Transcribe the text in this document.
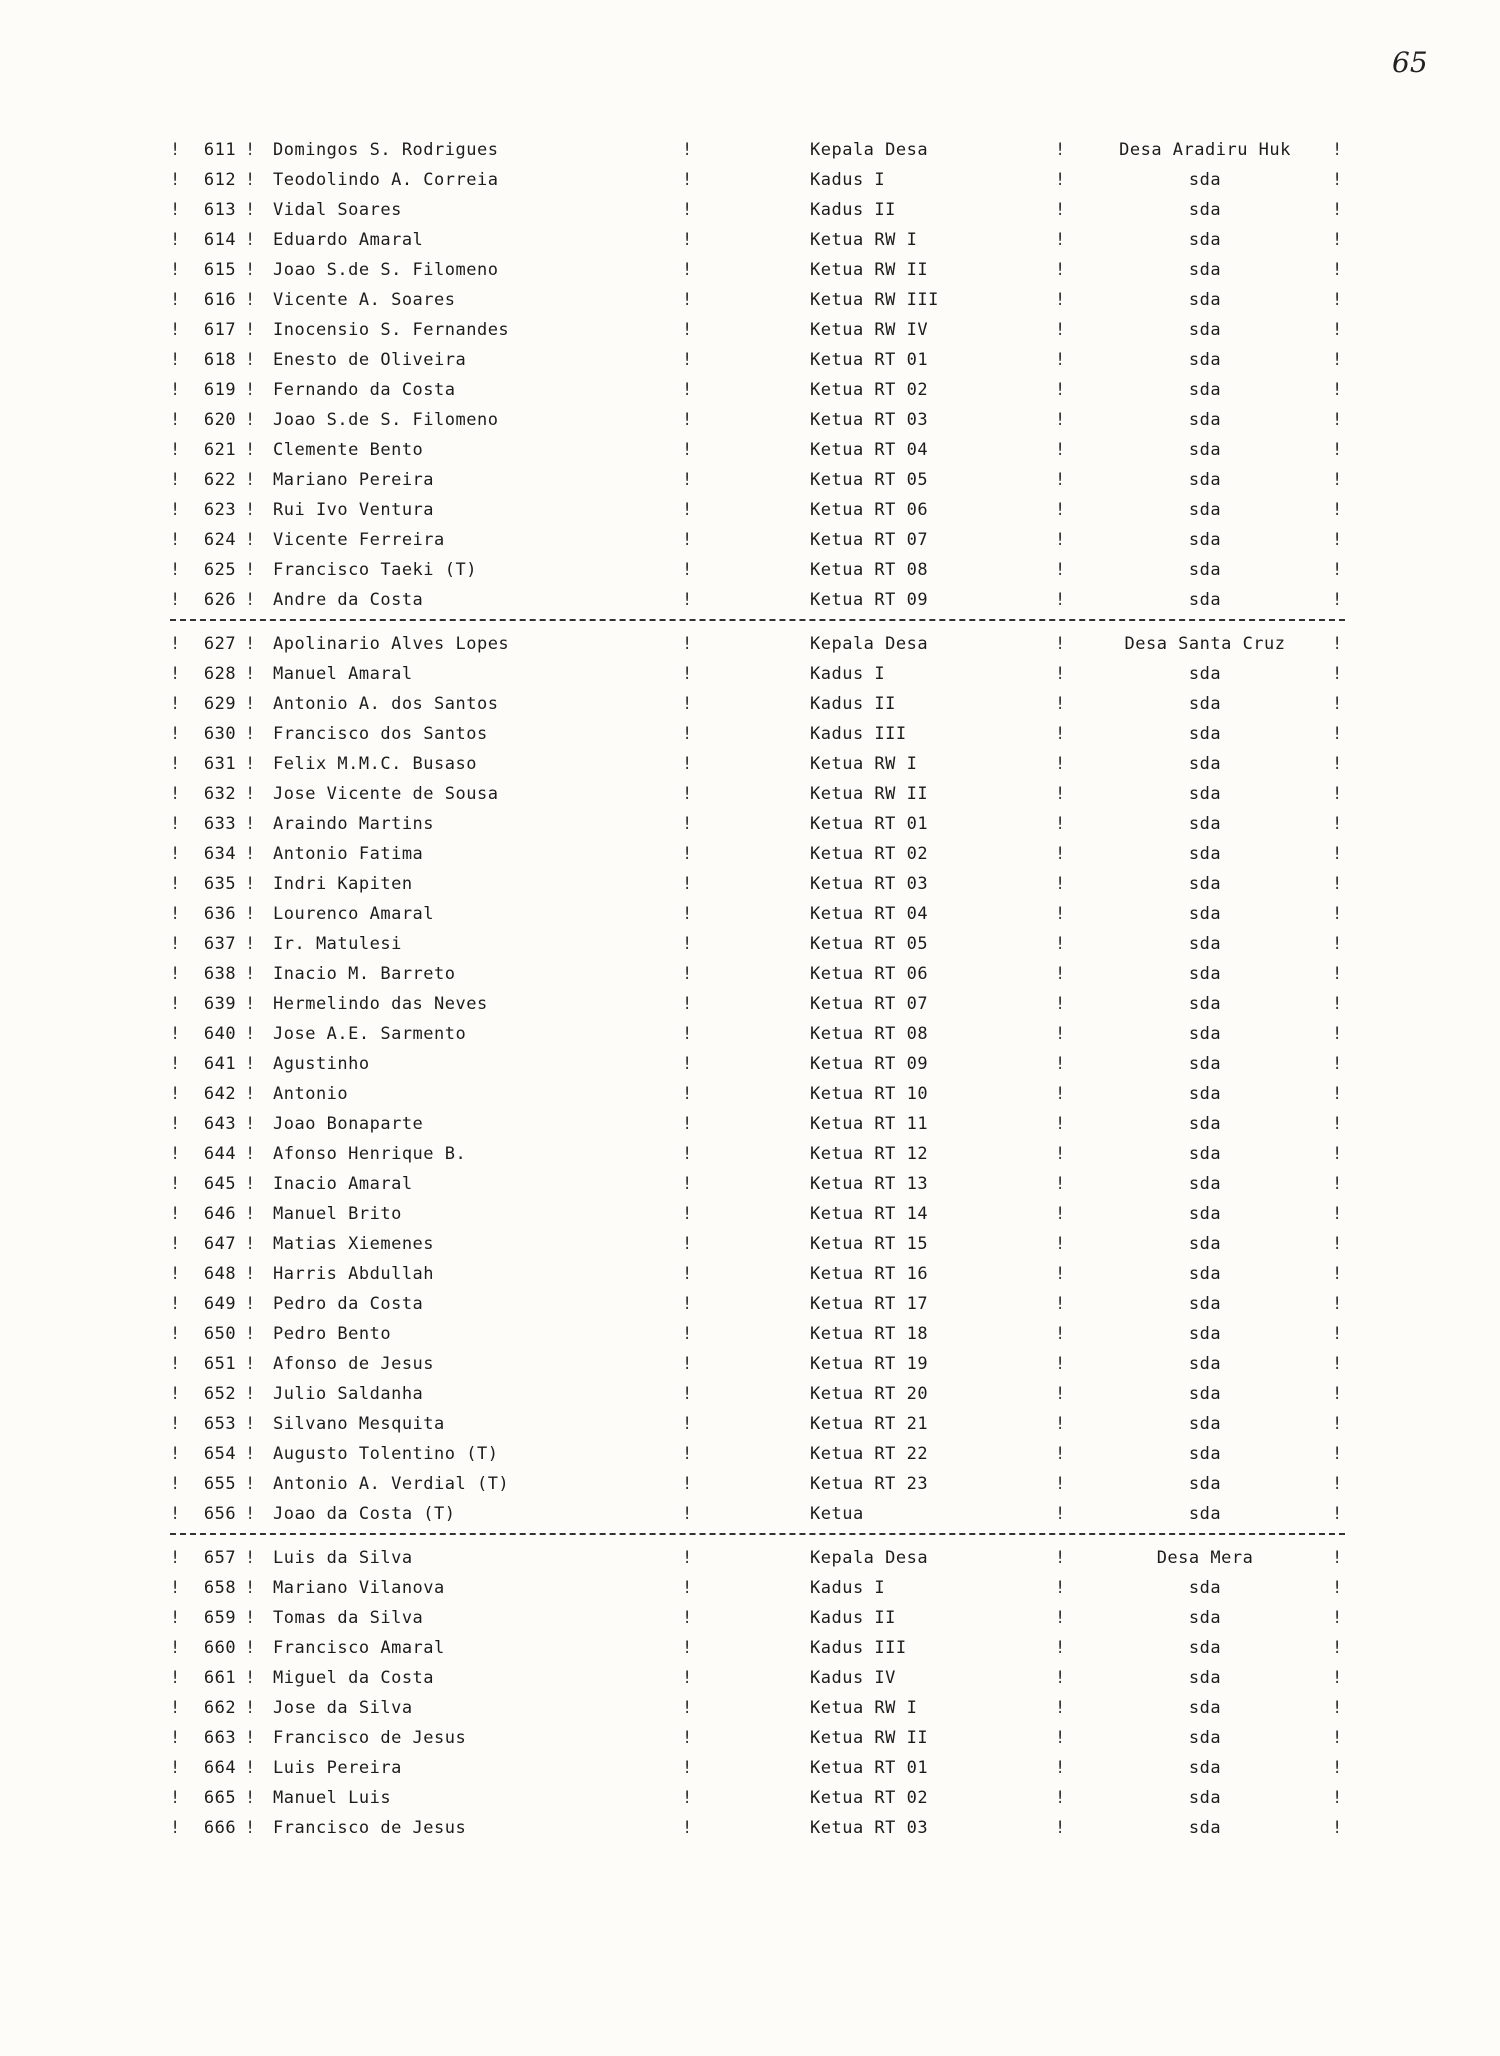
65
! 611 ! Domingos S. Rodrigues	!	Kepala Desa	!	Desa Aradiru Huk	!
! 612 ! Teodolindo A. Correia	!	Kadus I	!	sda	!
! 613 ! Vidal Soares	!	Kadus II	!	sda	!
! 614 ! Eduardo Amaral	!	Ketua RW I	!	sda	!
! 615 ! Joao S.de S. Filomeno	!	Ketua RW II	!	sda	!
! 616 ! Vicente A. Soares	!	Ketua RW III	!	sda	!
! 617 ! Inocensio S. Fernandes	!	Ketua RW IV	!	sda	!
! 618 ! Enesto de Oliveira	!	Ketua RT 01	!	sda	!
! 619 ! Fernando da Costa	!	Ketua RT 02	!	sda	!
! 620 ! Joao S.de S. Filomeno	!	Ketua RT 03	!	sda	!
! 621 ! Clemente Bento	!	Ketua RT 04	!	sda	!
! 622 ! Mariano Pereira	!	Ketua RT 05	!	sda	!
! 623 ! Rui Ivo Ventura	!	Ketua RT 06	!	sda	!
! 624 ! Vicente Ferreira	!	Ketua RT 07	!	sda	!
! 625 ! Francisco Taeki (T)	!	Ketua RT 08	!	sda	!
! 626 ! Andre da Costa	!	Ketua RT 09	!	sda	!
! 627 ! Apolinario Alves Lopes	!	Kepala Desa	!	Desa Santa Cruz	!
! 628 ! Manuel Amaral	!	Kadus I	!	sda	!
! 629 ! Antonio A. dos Santos	!	Kadus II	!	sda	!
! 630 ! Francisco dos Santos	!	Kadus III	!	sda	!
! 631 ! Felix M.M.C. Busaso	!	Ketua RW I	!	sda	!
! 632 ! Jose Vicente de Sousa	!	Ketua RW II	!	sda	!
! 633 ! Araindo Martins	!	Ketua RT 01	!	sda	!
! 634 ! Antonio Fatima	!	Ketua RT 02	!	sda	!
! 635 ! Indri Kapiten	!	Ketua RT 03	!	sda	!
! 636 ! Lourenco Amaral	!	Ketua RT 04	!	sda	!
! 637 ! Ir. Matulesi	!	Ketua RT 05	!	sda	!
! 638 ! Inacio M. Barreto	!	Ketua RT 06	!	sda	!
! 639 ! Hermelindo das Neves	!	Ketua RT 07	!	sda	!
! 640 ! Jose A.E. Sarmento	!	Ketua RT 08	!	sda	!
! 641 ! Agustinho	!	Ketua RT 09	!	sda	!
! 642 ! Antonio	!	Ketua RT 10	!	sda	!
! 643 ! Joao Bonaparte	!	Ketua RT 11	!	sda	!
! 644 ! Afonso Henrique B.	!	Ketua RT 12	!	sda	!
! 645 ! Inacio Amaral	!	Ketua RT 13	!	sda	!
! 646 ! Manuel Brito	!	Ketua RT 14	!	sda	!
! 647 ! Matias Xiemenes	!	Ketua RT 15	!	sda	!
! 648 ! Harris Abdullah	!	Ketua RT 16	!	sda	!
! 649 ! Pedro da Costa	!	Ketua RT 17	!	sda	!
! 650 ! Pedro Bento	!	Ketua RT 18	!	sda	!
! 651 ! Afonso de Jesus	!	Ketua RT 19	!	sda	!
! 652 ! Julio Saldanha	!	Ketua RT 20	!	sda	!
! 653 ! Silvano Mesquita	!	Ketua RT 21	!	sda	!
! 654 ! Augusto Tolentino (T)	!	Ketua RT 22	!	sda	!
! 655 ! Antonio A. Verdial (T)	!	Ketua RT 23	!	sda	!
! 656 ! Joao da Costa (T)	!	Ketua	!	sda	!
! 657 ! Luis da Silva	!	Kepala Desa	!	Desa Mera	!
! 658 ! Mariano Vilanova	!	Kadus I	!	sda	!
! 659 ! Tomas da Silva	!	Kadus II	!	sda	!
! 660 ! Francisco Amaral	!	Kadus III	!	sda	!
! 661 ! Miguel da Costa	!	Kadus IV	!	sda	!
! 662 ! Jose da Silva	!	Ketua RW I	!	sda	!
! 663 ! Francisco de Jesus	!	Ketua RW II	!	sda	!
! 664 ! Luis Pereira	!	Ketua RT 01	!	sda	!
! 665 ! Manuel Luis	!	Ketua RT 02	!	sda	!
! 666 ! Francisco de Jesus	!	Ketua RT 03	!	sda	!
